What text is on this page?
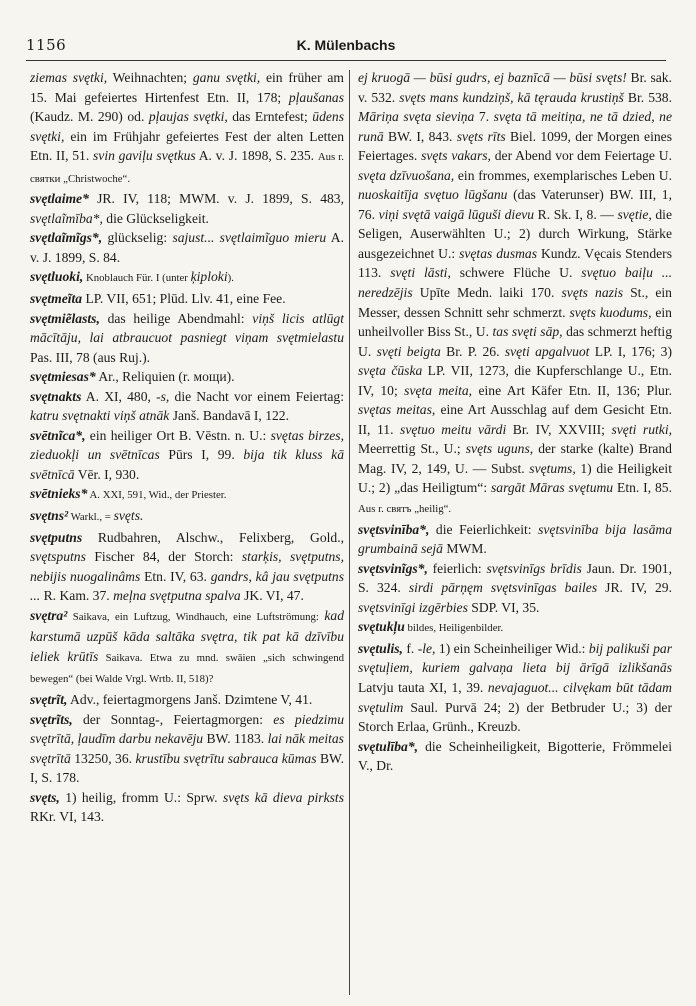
1156	K. Mülenbachs
ziemas svętki, Weihnachten; ganu svętki, ein früher am 15. Mai gefeiertes Hirtenfest Etn. II, 178; pļaušanas (Kaudz. M. 290) od. pļaujas svętki, das Erntefest; ūdens svętki, ein im Frühjahr gefeiertes Fest der alten Letten Etn. II, 51. svin gaviļu svętkus A. v. J. 1898, S. 235. Aus r. святки „Christwoche“.
svętlaime* JR. IV, 118; MWM. v. J. 1899, S. 483, svętlaĩmība*, die Glückseligkeit.
svętlaĩmĩgs*, glückselig: sajust... svętlaimĩguo mieru A. v. J. 1899, S. 84.
svętluoki, Knoblauch Für. I (unter ķiploki).
svętmeĩta LP. VII, 651; Plūd. Llv. 41, eine Fee.
svętmiẽlasts, das heilige Abendmahl: viņš licis atlūgt mācītāju, lai atbraucuot pasniegt viņam svętmielastu Pas. III, 78 (aus Ruj.).
svętmiesas* Ar., Reliquien (r. мощи).
svętnakts A. XI, 480, -s, die Nacht vor einem Feiertag: katru svętnakti viņš atnāk Janš. Bandavā I, 122.
svētnĩca*, ein heiliger Ort B. Vēstn. n. U.: svętas birzes, zieduokļi un svētnīcas Pūrs I, 99. bija tik kluss kā svētnīcā Vēr. I, 930.
svētnieks* A. XXI, 591, Wid., der Priester.
svętns² Warkl., = svęts.
svętputns Rudbahren, Alschw., Felixberg, Gold., svętsputns Fischer 84, der Storch: starķis, svętputns, nebijis nuogalinâms Etn. IV, 63. gandrs, kâ jau svętputns ... R. Kam. 37. meļna svętputna spalva JK. VI, 47.
svętra² Saikava, ein Luftzug, Windhauch, eine Luftströmung: kad karstumā uzpūš kāda saltāka svętra, tik pat kā dzīvību ieliek krūtīs Saikava. Etwa zu mnd. swāien „sich schwingend bewegen“ (bei Walde Vrgl. Wrtb. II, 518)?
svętrĩt, Adv., feiertagmorgens Janš. Dzimtene V, 41.
svętrĩts, der Sonntag-, Feiertagmorgen: es piedzimu svętrītā, ļaudīm darbu nekavēju BW. 1183. lai nāk meitas svętrītā 13250, 36. krustību svętrītu sabrauca kūmas BW. I, S. 178.
svęts, 1) heilig, fromm U.: Sprw. svęts kā dieva pirksts RKr. VI, 143.
ej kruogā — būsi gudrs, ej baznīcā — būsi svęts! Br. sak. v. 532. svęts mans kundziņš, kā tęrauda krustiņš Br. 538. Māriņa svęta sieviņa 7. svęta tā meitiņa, ne tā dzied, ne runā BW. I, 843. svęts rīts Biel. 1099, der Morgen eines Feiertages. svęts vakars, der Abend vor dem Feiertage U. svęta dzīvuošana, ein frommes, exemplarisches Leben U. nuoskaitīja svętuo lūgšanu (das Vaterunser) BW. III, 1, 76. viņi svętā vaigā lūguši dievu R. Sk. I, 8. — svętie, die Seligen, Auserwählten U.; 2) durch Wirkung, Stärke ausgezeichnet U.: svętas dusmas Kundz. Vęcais Stenders 113. svęti lāsti, schwere Flüche U. svętuo baiļu ... neredzējis Upīte Medn. laiki 170. svęts nazis St., ein Messer, dessen Schnitt sehr schmerzt. svęts kuodums, ein unheilvoller Biss St., U. tas svęti sāp, das schmerzt heftig U. svęti beigta Br. P. 26. svęti apgalvuot LP. I, 176; 3) svęta čūska LP. VII, 1273, die Kupferschlange U., Etn. IV, 10; svęta meita, eine Art Käfer Etn. II, 136; Plur. svętas meitas, eine Art Ausschlag auf dem Gesicht Etn. II, 11. svętuo meitu vārdi Br. IV, XXVIII; svęti rutki, Meerrettig St., U.; svęts uguns, der starke (kalte) Brand Mag. IV, 2, 149, U. — Subst. svętums, 1) die Heiligkeit U.; 2) „das Heiligtum“: sargāt Māras svętumu Etn. I, 85. Aus r. святъ „heilig“.
svętsvinība*, die Feierlichkeit: svętsvinība bija lasāma grumbainā sejā MWM.
svętsvinĩgs*, feierlich: svętsvinīgs brīdis Jaun. Dr. 1901, S. 324. sirdi pārņęm svętsvinīgas bailes JR. IV, 29. svętsvinīgi izgērbies SDP. VI, 35.
svętukļu bildes, Heiligenbilder.
svętulis, f. -le, 1) ein Scheinheiliger Wid.: bij palikuši par svętuļiem, kuriem galvaņa lieta bij ārīgā izlikšanās Latvju tauta XI, 1, 39. nevajaguot... cilvękam būt tādam svętulim Saul. Purvā 24; 2) der Betbruder U.; 3) der Storch Erlaa, Grünh., Kreuzb.
svętulība*, die Scheinheiligkeit, Bigotterie, Frömmelei V., Dr.
